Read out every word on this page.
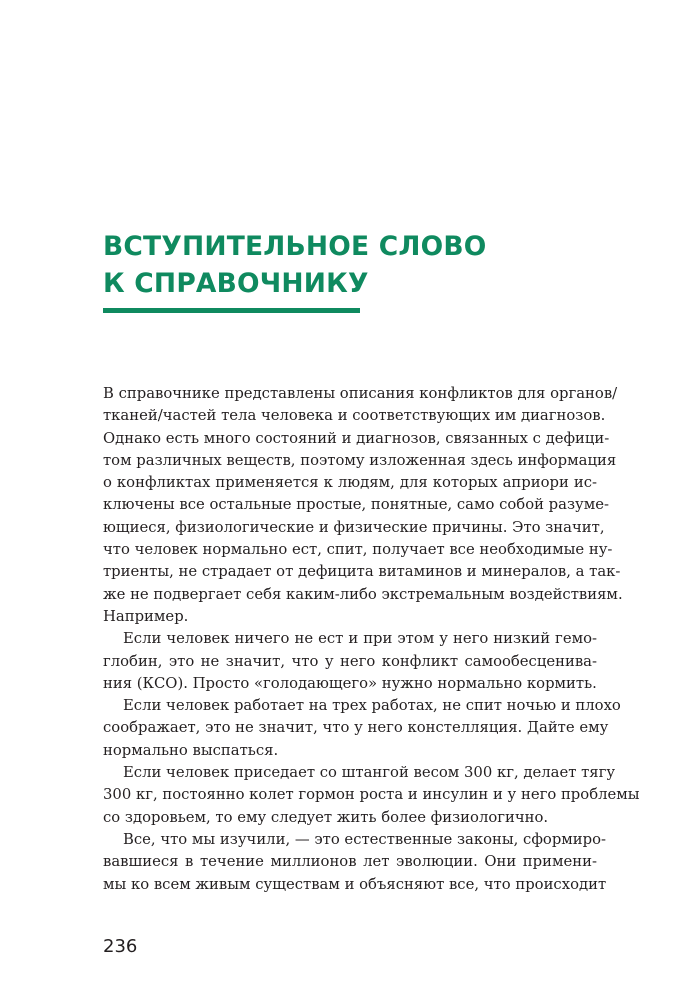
ВСТУПИТЕЛЬНОЕ СЛОВО
К СПРАВОЧНИКУ
В справочнике представлены описания конфликтов для органов/
тканей/частей тела человека и соответствующих им диагнозов.
Однако есть много состояний и диагнозов, связанных с дефици-
том различных веществ, поэтому изложенная здесь информация
о конфликтах применяется к людям, для которых априори ис-
ключены все остальные простые, понятные, само собой разуме-
ющиеся, физиологические и физические причины. Это значит,
что человек нормально ест, спит, получает все необходимые ну-
триенты, не страдает от дефицита витаминов и минералов, а так-
же не подвергает себя каким-либо экстремальным воздействиям.
Например.
Если человек ничего не ест и при этом у него низкий гемо-
глобин, это не значит, что у него конфликт самообесценива-
ния (КСО). Просто «голодающего» нужно нормально кормить.
Если человек работает на трех работах, не спит ночью и плохо
соображает, это не значит, что у него констелляция. Дайте ему
нормально выспаться.
Если человек приседает со штангой весом 300 кг, делает тягу
300 кг, постоянно колет гормон роста и инсулин и у него проблемы
со здоровьем, то ему следует жить более физиологично.
Все, что мы изучили, — это естественные законы, сформиро-
вавшиеся в течение миллионов лет эволюции. Они примени-
мы ко всем живым существам и объясняют все, что происходит
236
